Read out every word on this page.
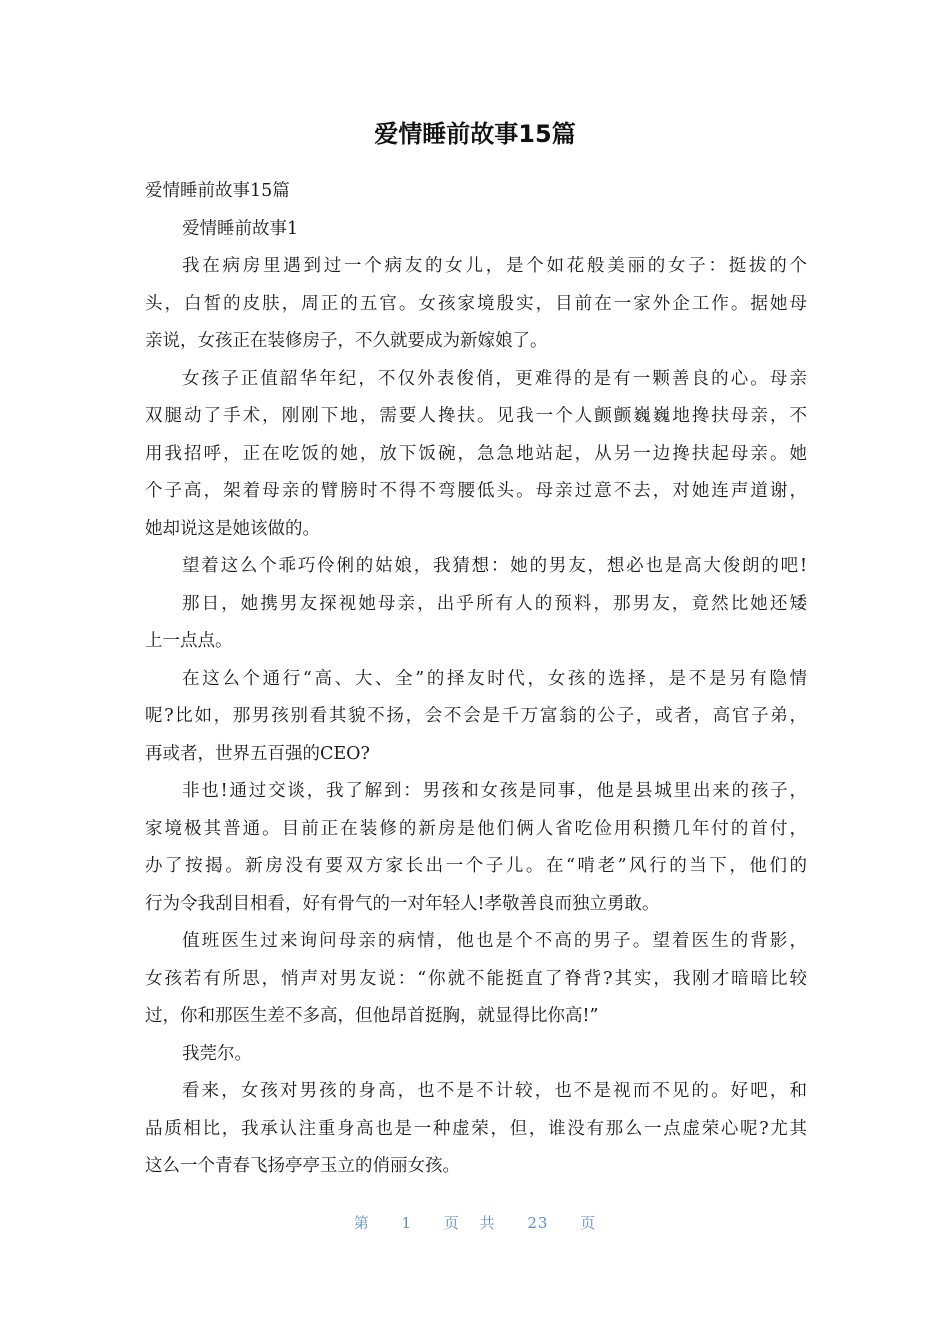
爱情睡前故事15篇

爱情睡前故事15篇

爱情睡前故事1

我在病房里遇到过一个病友的女儿，是个如花般美丽的女子：挺拔的个

头，白皙的皮肤，周正的五官。女孩家境殷实，目前在一家外企工作。据她母

亲说，女孩正在装修房子，不久就要成为新嫁娘了。

女孩子正值韶华年纪，不仅外表俊俏，更难得的是有一颗善良的心。母亲

双腿动了手术，刚刚下地，需要人搀扶。见我一个人颤颤巍巍地搀扶母亲，不

用我招呼，正在吃饭的她，放下饭碗，急急地站起，从另一边搀扶起母亲。她

个子高，架着母亲的臂膀时不得不弯腰低头。母亲过意不去，对她连声道谢，

她却说这是她该做的。

望着这么个乖巧伶俐的姑娘，我猜想：她的男友，想必也是高大俊朗的吧!

那日，她携男友探视她母亲，出乎所有人的预料，那男友，竟然比她还矮

上一点点。

在这么个通行“高、大、全”的择友时代，女孩的选择，是不是另有隐情

呢?比如，那男孩别看其貌不扬，会不会是千万富翁的公子，或者，高官子弟，

再或者，世界五百强的CEO?

非也!通过交谈，我了解到：男孩和女孩是同事，他是县城里出来的孩子，

家境极其普通。目前正在装修的新房是他们俩人省吃俭用积攒几年付的首付，

办了按揭。新房没有要双方家长出一个子儿。在“啃老”风行的当下，他们的

行为令我刮目相看，好有骨气的一对年轻人!孝敬善良而独立勇敢。

值班医生过来询问母亲的病情，他也是个不高的男子。望着医生的背影，

女孩若有所思，悄声对男友说：“你就不能挺直了脊背?其实，我刚才暗暗比较

过，你和那医生差不多高，但他昂首挺胸，就显得比你高!”

我莞尔。

看来，女孩对男孩的身高，也不是不计较，也不是视而不见的。好吧，和

品质相比，我承认注重身高也是一种虚荣，但，谁没有那么一点虚荣心呢?尤其

这么一个青春飞扬亭亭玉立的俏丽女孩。

第 1 页 共 23 页
